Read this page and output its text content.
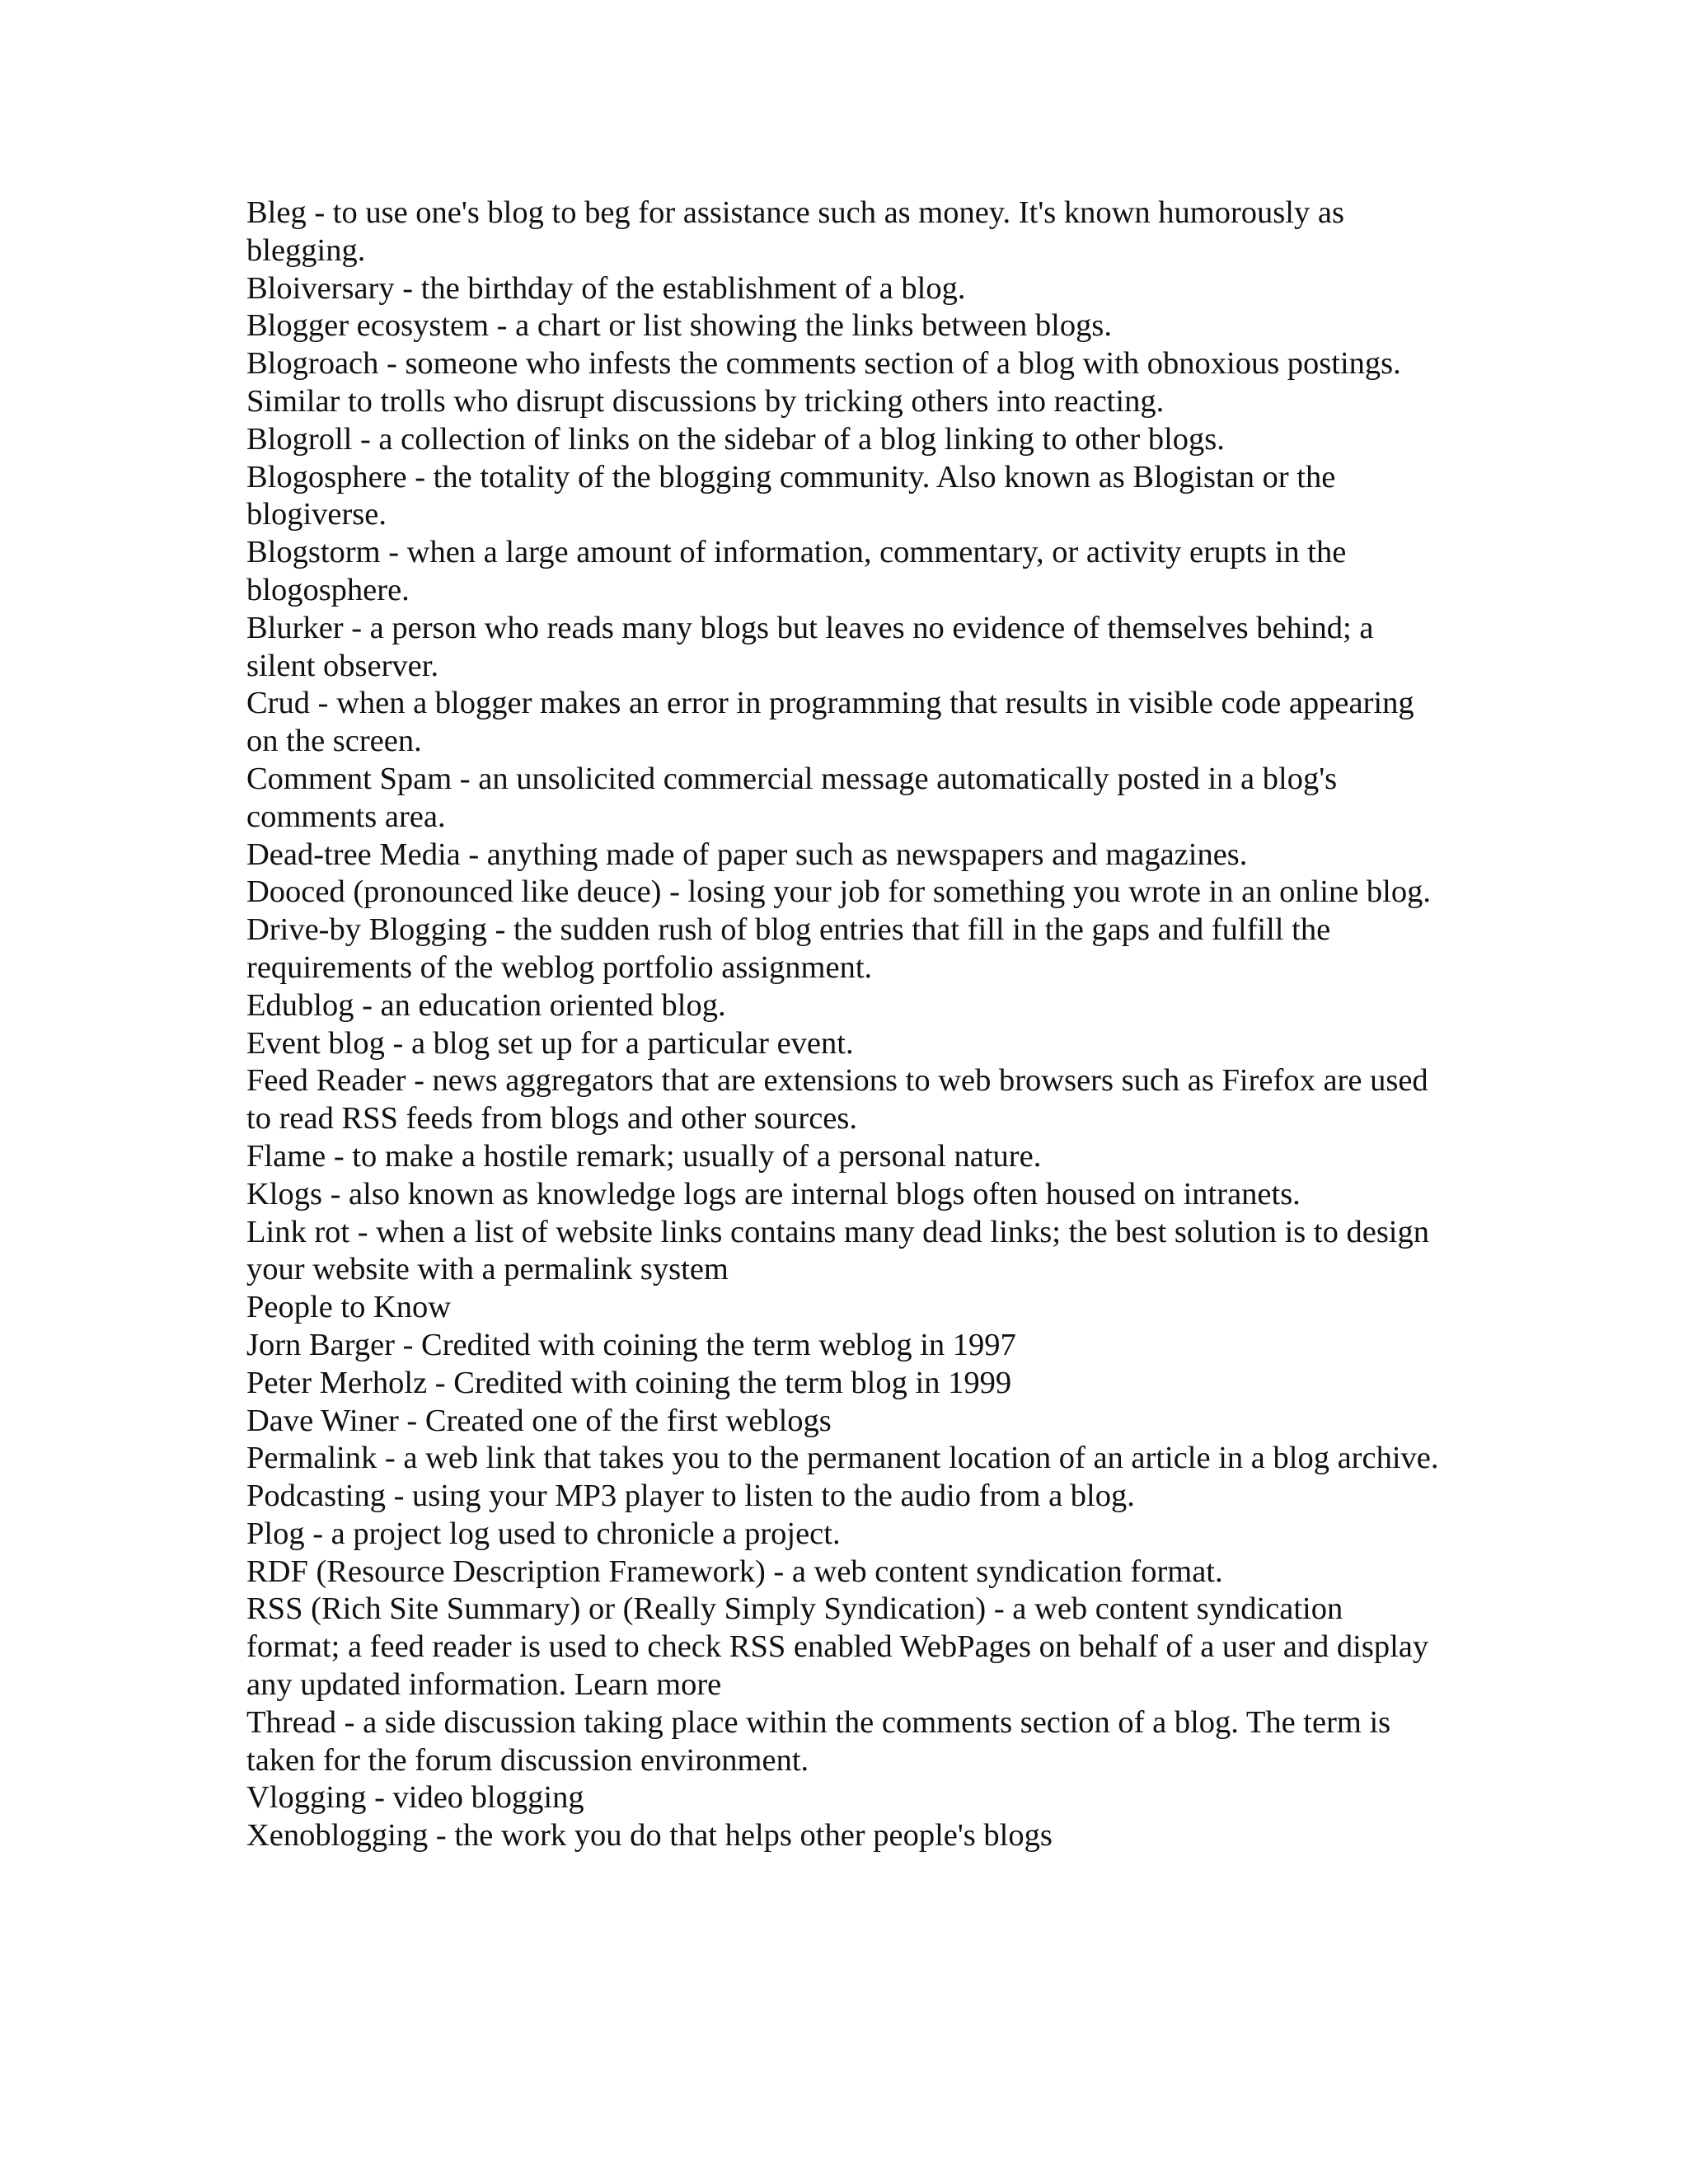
Bleg - to use one's blog to beg for assistance such as money. It's known humorously as blegging.

Bloiversary - the birthday of the establishment of a blog.

Blogger ecosystem - a chart or list showing the links between blogs.

Blogroach - someone who infests the comments section of a blog with obnoxious postings. Similar to trolls who disrupt discussions by tricking others into reacting.

Blogroll - a collection of links on the sidebar of a blog linking to other blogs.

Blogosphere - the totality of the blogging community. Also known as Blogistan or the blogiverse.

Blogstorm - when a large amount of information, commentary, or activity erupts in the blogosphere.

Blurker - a person who reads many blogs but leaves no evidence of themselves behind; a silent observer.

Crud - when a blogger makes an error in programming that results in visible code appearing on the screen.

Comment Spam - an unsolicited commercial message automatically posted in a blog's comments area.

Dead-tree Media - anything made of paper such as newspapers and magazines.

Dooced (pronounced like deuce) - losing your job for something you wrote in an online blog.

Drive-by Blogging - the sudden rush of blog entries that fill in the gaps and fulfill the requirements of the weblog portfolio assignment.

Edublog - an education oriented blog.

Event blog - a blog set up for a particular event.

Feed Reader - news aggregators that are extensions to web browsers such as Firefox are used to read RSS feeds from blogs and other sources.

Flame - to make a hostile remark; usually of a personal nature.

Klogs - also known as knowledge logs are internal blogs often housed on intranets.

Link rot - when a list of website links contains many dead links; the best solution is to design your website with a permalink system

People to Know

Jorn Barger - Credited with coining the term weblog in 1997

Peter Merholz - Credited with coining the term blog in 1999

Dave Winer - Created one of the first weblogs

Permalink - a web link that takes you to the permanent location of an article in a blog archive.

Podcasting - using your MP3 player to listen to the audio from a blog.

Plog - a project log used to chronicle a project.

RDF (Resource Description Framework) - a web content syndication format.

RSS (Rich Site Summary) or (Really Simply Syndication) - a web content syndication format; a feed reader is used to check RSS enabled WebPages on behalf of a user and display any updated information. Learn more

Thread - a side discussion taking place within the comments section of a blog. The term is taken for the forum discussion environment.

Vlogging - video blogging

Xenoblogging - the work you do that helps other people's blogs
